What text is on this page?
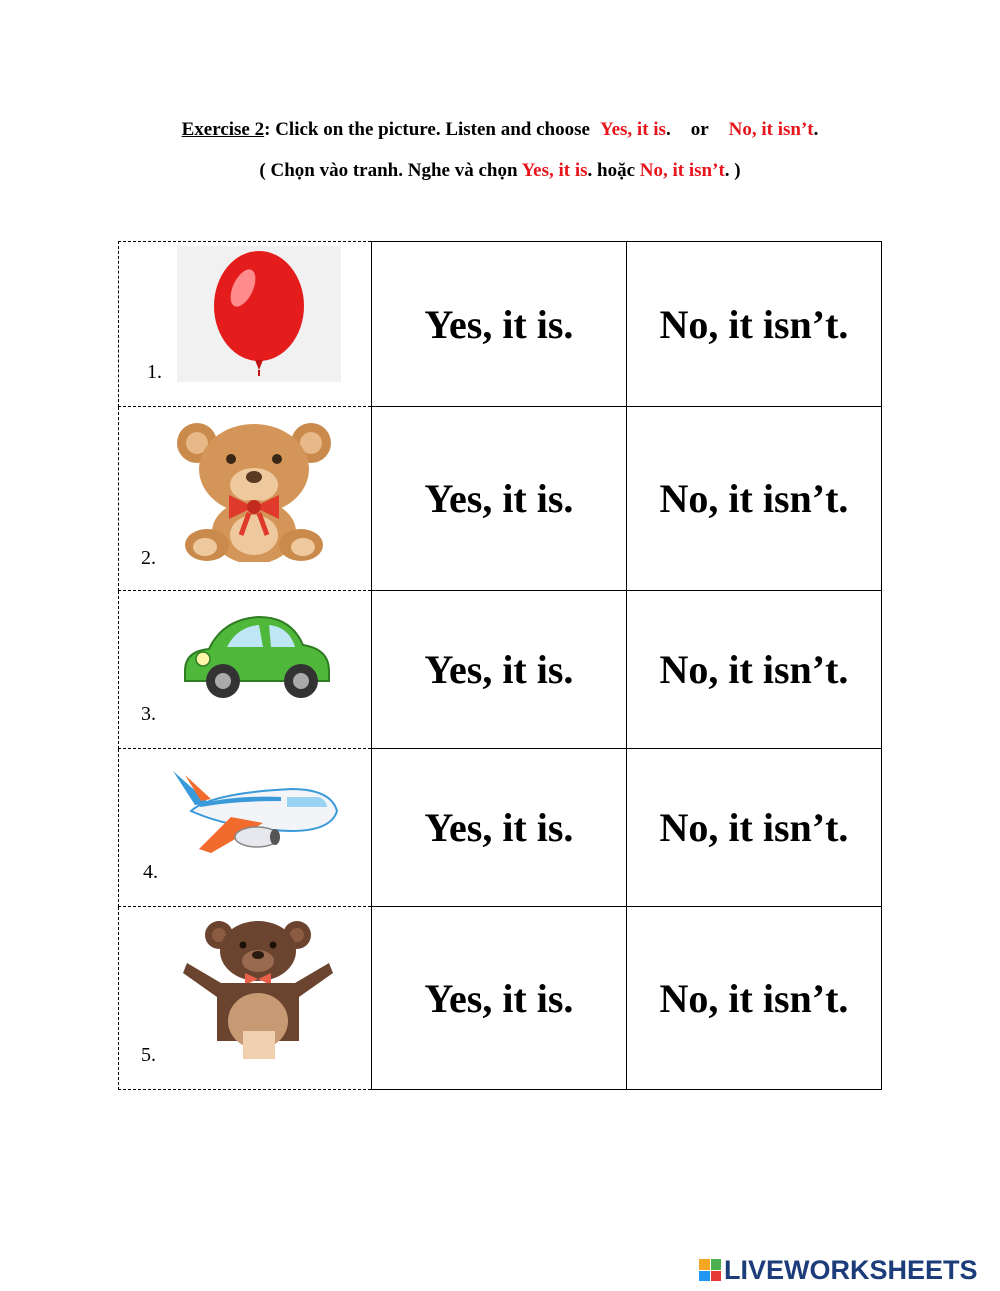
Exercise 2: Click on the picture. Listen and choose Yes, it is. or No, it isn’t.
( Chọn vào tranh. Nghe và chọn Yes, it is. hoặc No, it isn’t. )
1.	Yes, it is.	No, it isn’t.

2.	Yes, it is.	No, it isn’t.

3.	Yes, it is.	No, it isn’t.

4.	Yes, it is.	No, it isn’t.

5.	Yes, it is.	No, it isn’t.
LIVEWORKSHEETS
